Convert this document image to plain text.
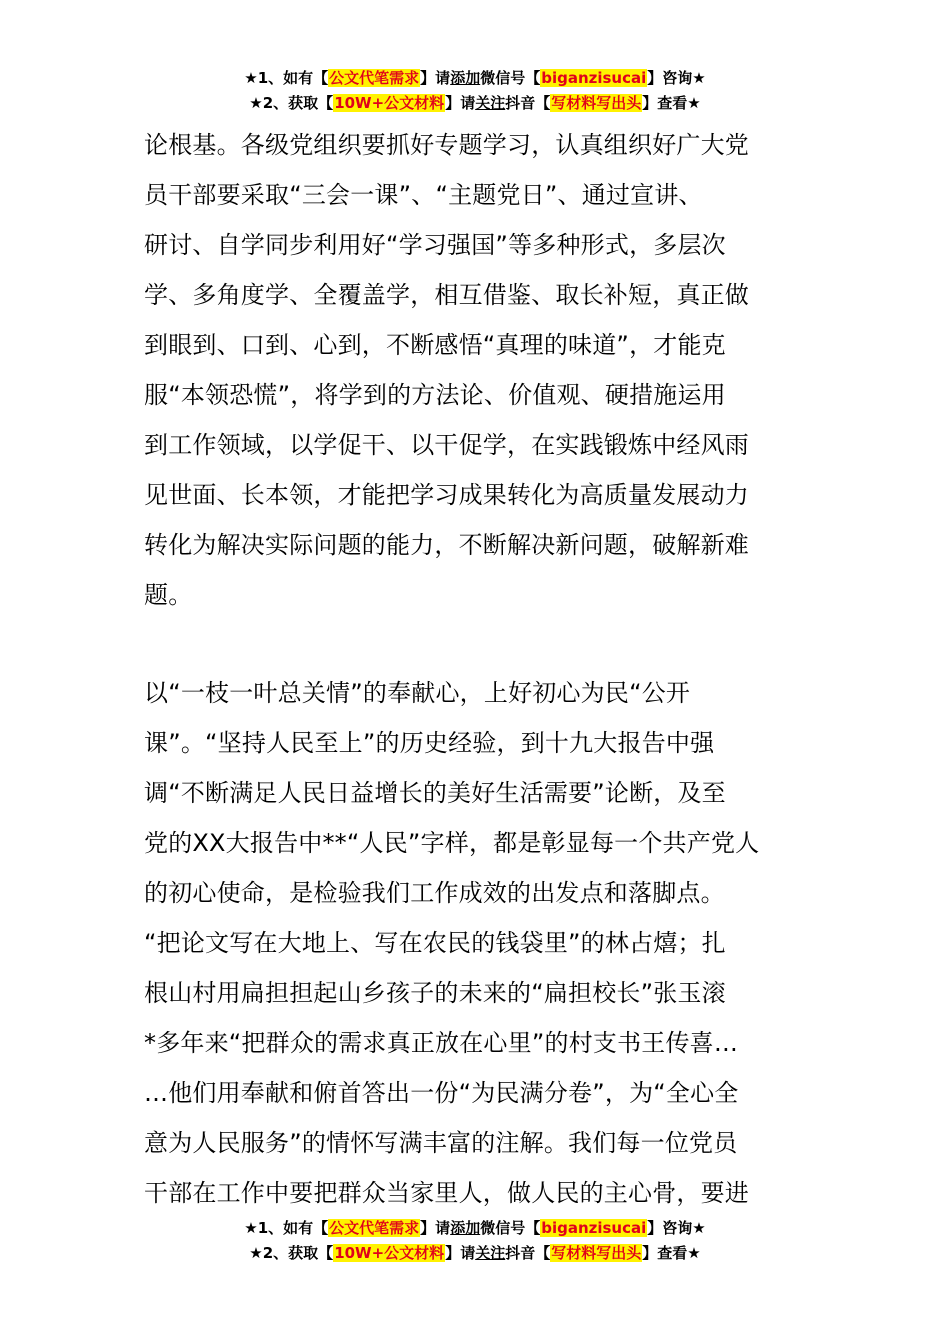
★1、如有【公文代笔需求】请添加微信号【biganzisucai】咨询★
★2、获取【10W+公文材料】请关注抖音【写材料写出头】查看★

论根基。各级党组织要抓好专题学习，认真组织好广大党

员干部要采取“三会一课”、“主题党日”、通过宣讲、

研讨、自学同步利用好“学习强国”等多种形式，多层次

学、多角度学、全覆盖学，相互借鉴、取长补短，真正做

到眼到、口到、心到，不断感悟“真理的味道”，才能克

服“本领恐慌”，将学到的方法论、价值观、硬措施运用

到工作领域，以学促干、以干促学，在实践锻炼中经风雨

见世面、长本领，才能把学习成果转化为高质量发展动力

转化为解决实际问题的能力，不断解决新问题，破解新难

题。

以“一枝一叶总关情”的奉献心，上好初心为民“公开

课”。“坚持人民至上”的历史经验，到十九大报告中强

调“不断满足人民日益增长的美好生活需要”论断，及至

党的XX大报告中**“人民”字样，都是彰显每一个共产党人

的初心使命，是检验我们工作成效的出发点和落脚点。

“把论文写在大地上、写在农民的钱袋里”的林占熺；扎

根山村用扁担担起山乡孩子的未来的“扁担校长”张玉滚

*多年来“把群众的需求真正放在心里”的村支书王传喜…

…他们用奉献和俯首答出一份“为民满分卷”，为“全心全

意为人民服务”的情怀写满丰富的注解。我们每一位党员

干部在工作中要把群众当家里人，做人民的主心骨，要进

★1、如有【公文代笔需求】请添加微信号【biganzisucai】咨询★
★2、获取【10W+公文材料】请关注抖音【写材料写出头】查看★
